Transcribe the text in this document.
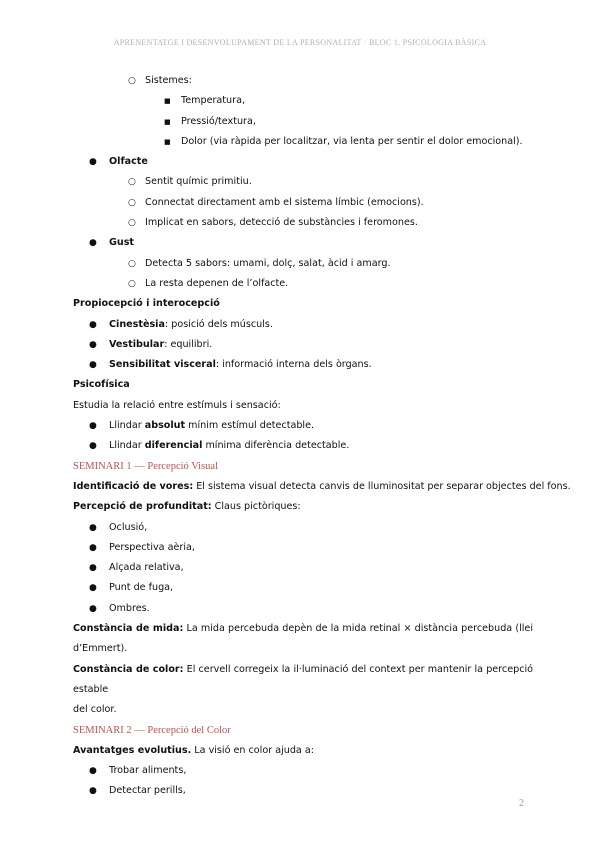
APRENENTATGE I DESENVOLUPAMENT DE LA PERSONALITAT · BLOC 1. PSICOLOGIA BÀSICA
○ Sistemes:
■ Temperatura,
■ Pressió/textura,
■ Dolor (via ràpida per localitzar, via lenta per sentir el dolor emocional).
● Olfacte
○ Sentit químic primitiu.
○ Connectat directament amb el sistema límbic (emocions).
○ Implicat en sabors, detecció de substàncies i feromones.
● Gust
○ Detecta 5 sabors: umami, dolç, salat, àcid i amarg.
○ La resta depenen de l’olfacte.
Propiocepció i interocepció
● Cinestèsia: posició dels músculs.
● Vestibular: equilibri.
● Sensibilitat visceral: informació interna dels òrgans.
Psicofísica
Estudia la relació entre estímuls i sensació:
● Llindar absolut mínim estímul detectable.
● Llindar diferencial mínima diferència detectable.
SEMINARI 1 — Percepció Visual
Identificació de vores: El sistema visual detecta canvis de lluminositat per separar objectes del fons.
Percepció de profunditat: Claus pictòriques:
● Oclusió,
● Perspectiva aèria,
● Alçada relativa,
● Punt de fuga,
● Ombres.
Constància de mida: La mida percebuda depèn de la mida retinal × distància percebuda (llei
d’Emmert).
Constància de color: El cervell corregeix la il·luminació del context per mantenir la percepció estable
del color.
SEMINARI 2 — Percepció del Color
Avantatges evolutius. La visió en color ajuda a:
● Trobar aliments,
● Detectar perills,
2
